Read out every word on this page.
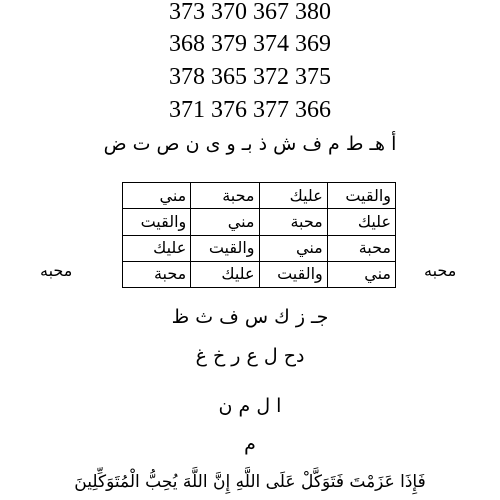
373 370 367 380
368 379 374 369
378 365 372 375
371 376 377 366
أ هـ ط م ف ش ذ بـ و ى ن ص ت ض
محبه	محبه
والقيت	عليك	محبة	مني
عليك	محبة	مني	والقيت
محبة	مني	والقيت	عليك
مني	والقيت	عليك	محبة
جـ ز ك س ف ث ظ
دح ل ع ر خ غ
ا ل م ن
م
فَإِذَا عَزَمْتَ فَتَوَكَّلْ عَلَى اللَّهِ إِنَّ اللَّهَ يُحِبُّ الْمُتَوَكِّلِينَ
